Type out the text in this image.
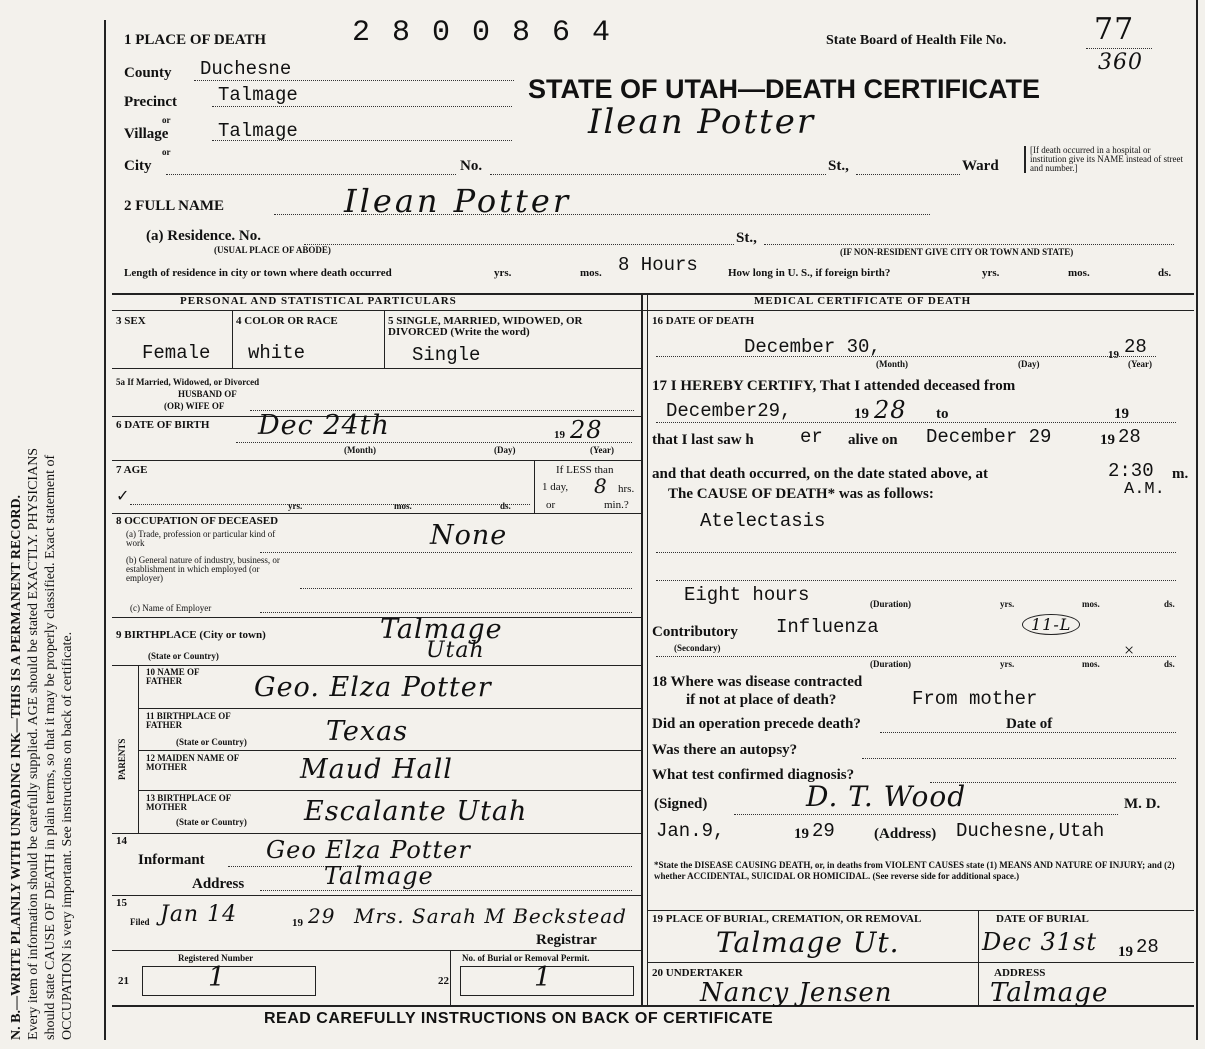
N. B.—WRITE PLAINLY WITH UNFADING INK—THIS IS A PERMANENT RECORD. Every item of information should be carefully supplied. AGE should be stated EXACTLY. PHYSICIANS should state CAUSE OF DEATH in plain terms, so that it may be properly classified. Exact statement of OCCUPATION is very important. See instructions on back of certificate.
1 PLACE OF DEATH	2 8 0 0 8 6 4	State Board of Health File No.	77
360
STATE OF UTAH—DEATH CERTIFICATE
Ilean Potter
County Duchesne
Precinct Talmage
or
Village	Talmage
or
City	No.	St.,	Ward
[If death occurred in a hospital or institution give its NAME instead of street and number.]
2 FULL NAME	Ilean Potter
(a) Residence. No.
(USUAL PLACE OF ABODE)
St.,
(IF NON-RESIDENT GIVE CITY OR TOWN AND STATE)
Length of residence in city or town where death occurred	yrs.	mos. 8 Hours	How long in U. S., if foreign birth?	yrs.	mos.	ds.
PERSONAL AND STATISTICAL PARTICULARS
3 SEX
Female
4 COLOR OR RACE
white
5 SINGLE, MARRIED, WIDOWED, OR DIVORCED (Write the word)
Single
5a If Married, Widowed, or Divorced
HUSBAND OF
(OR) WIFE OF
6 DATE OF BIRTH Dec 24th	19 28
(Month)	(Day)	(Year)
7 AGE
✓
yrs.	mos.	ds.
If LESS than
1 day, 8 hrs.
or	min.?
8 OCCUPATION OF DECEASED
(a) Trade, profession or particular kind of work	None
(b) General nature of industry, business, or establishment in which employed (or employer)
(c) Name of Employer
9 BIRTHPLACE (City or town)	Talmage
(State or Country)	Utah
PARENTS
10 NAME OF FATHER	Geo. Elza Potter
11 BIRTHPLACE OF FATHER
(State or Country)	Texas
12 MAIDEN NAME OF MOTHER	Maud Hall
13 BIRTHPLACE OF MOTHER
(State or Country) Escalante Utah
14
Informant	Geo Elza Potter
Address	Talmage
15
Filed Jan 14	19 29 Mrs. Sarah M Beckstead
Registrar
Registered Number
21	1
No. of Burial or Removal Permit.
22	1
MEDICAL CERTIFICATE OF DEATH
16 DATE OF DEATH
December 30,	19 28
(Month)	(Day)	(Year)
17 I HEREBY CERTIFY, That I attended deceased from
December29,	19 28 to	19
that I last saw h er alive on December 29	19 28
and that death occurred, on the date stated above, at	2:30 m.
The CAUSE OF DEATH* was as follows:	A.M.
Atelectasis
Eight hours	(Duration)	yrs.	mos.	ds.
Contributory
(Secondary)
Influenza	11-L
×
(Duration)	yrs.	mos.	ds.
18 Where was disease contracted
if not at place of death?	From mother
Did an operation precede death?	Date of
Was there an autopsy?
What test confirmed diagnosis?
(Signed)	D. T. Wood	M. D.
Jan.9,	19 29	(Address) Duchesne,Utah
*State the DISEASE CAUSING DEATH, or, in deaths from VIOLENT CAUSES state (1) MEANS AND NATURE OF INJURY; and (2) whether ACCIDENTAL, SUICIDAL OR HOMICIDAL. (See reverse side for additional space.)
19 PLACE OF BURIAL, CREMATION, OR REMOVAL
Talmage Ut.
DATE OF BURIAL
Dec 31st 19 28
20 UNDERTAKER
Nancy Jensen
ADDRESS
Talmage
READ CAREFULLY INSTRUCTIONS ON BACK OF CERTIFICATE
